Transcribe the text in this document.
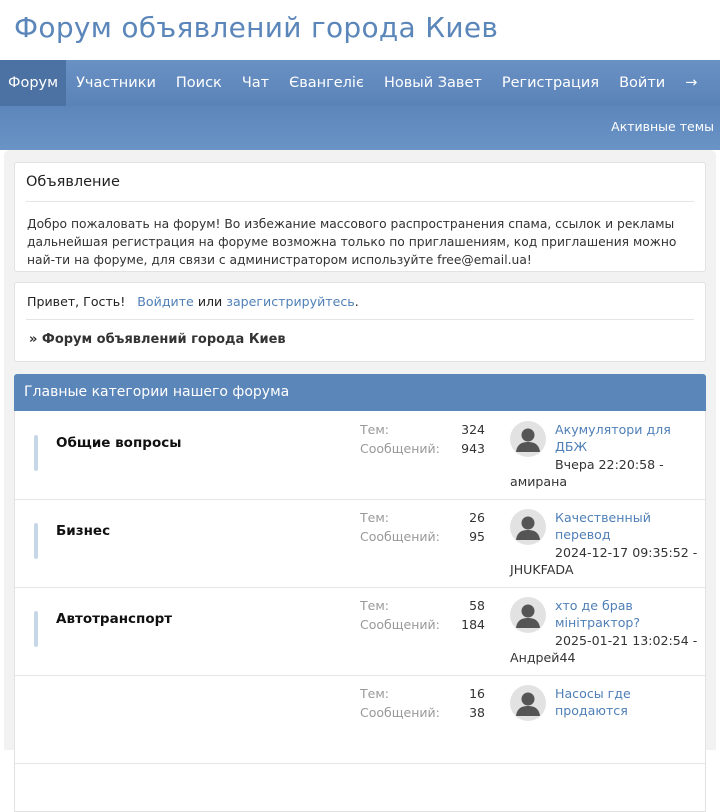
Форум объявлений города Киев
Форум	Участники	Поиск	Чат	Євангеліє	Новый Завет	Регистрация	Войти	→
Активные темы
Объявление
Добро пожаловать на форум! Во избежание массового распространения спама, ссылок и рекламы дальнейшая регистрация на форуме возможна только по приглашениям, код приглашения можно най-ти на форуме, для связи с администратором используйте free@email.ua!
Привет, Гость! Войдите или зарегистрируйтесь.
» Форум объявлений города Киев
Главные категории нашего форума
Общие вопросы
Тем:	324
Сообщений: 943
Акумулятори для ДБЖ
Вчера 22:20:58 -
амирана
Бизнес
Тем:	26
Сообщений: 95
Качественный перевод
2024-12-17 09:35:52 -
JHUKFADA
Автотранспорт
Тем:	58
Сообщений: 184
хто де брав мінітрактор?
2025-01-21 13:02:54 -
Андрей44
Тем:	16
Сообщений: 38
Насосы где продаются
